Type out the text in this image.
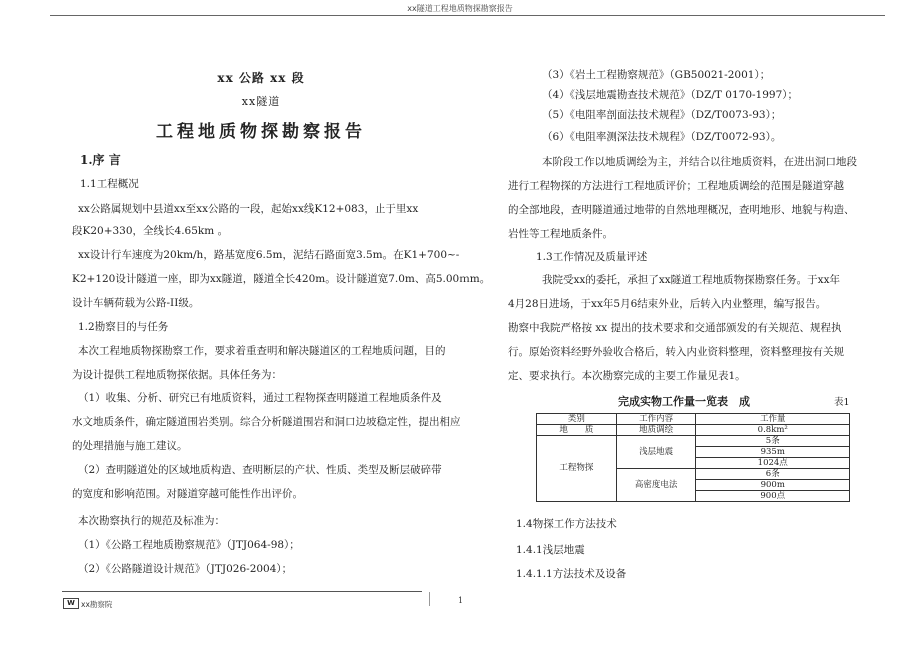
xx隧道工程地质物探勘察报告
xx 公路 xx 段
xx隧道
工程地质物探勘察报告
1.序 言
1.1工程概况
xx公路属规划中县道xx至xx公路的一段，起始xx线K12+083，止于里xx
段K20+330，全线长4.65km 。
xx设计行车速度为20km/h，路基宽度6.5m，泥结石路面宽3.5m。在K1+700~-
K2+120设计隧道一座，即为xx隧道，隧道全长420m。设计隧道宽7.0m、高5.00ｍm。
设计车辆荷载为公路-II级。
1.2勘察目的与任务
本次工程地质物探勘察工作，要求着重查明和解决隧道区的工程地质问题，目的
为设计提供工程地质物探依据。具体任务为：
（1）收集、分析、研究已有地质资料，通过工程物探查明隧道工程地质条件及
水文地质条件，确定隧道围岩类别。综合分析隧道围岩和洞口边坡稳定性，提出相应
的处理措施与施工建议。
（2）查明隧道处的区域地质构造、查明断层的产状、性质、类型及断层破碎带
的宽度和影响范围。对隧道穿越可能性作出评价。
本次勘察执行的规范及标准为：
（1）《公路工程地质勘察规范》（JTJ064-98）；
（2）《公路隧道设计规范》（JTJ026-2004）；
（3）《岩土工程勘察规范》（GB50021-2001）；
（4）《浅层地震勘查技术规范》（DZ/T 0170-1997）；
（5）《电阻率剖面法技术规程》（DZ/T0073-93）；
（6）《电阻率测深法技术规程》（DZ/T0072-93）。
本阶段工作以地质调绘为主，并结合以往地质资料，在进出洞口地段
进行工程物探的方法进行工程地质评价；工程地质调绘的范围是隧道穿越
的全部地段，查明隧道通过地带的自然地理概况，查明地形、地貌与构造、
岩性等工程地质条件。
1.3工作情况及质量评述
我院受xx的委托，承担了xx隧道工程地质物探勘察任务。于xx年
4月28日进场，于xx年5月6结束外业，后转入内业整理，编写报告。
勘察中我院严格按 xx 提出的技术要求和交通部颁发的有关规范、规程执
行。原始资料经野外验收合格后，转入内业资料整理，资料整理按有关规
定、要求执行。本次勘察完成的主要工作量见表1。
完成实物工作量一览表　成	表1
1.4物探工作方法技术
1.4.1浅层地震
1.4.1.1方法技术及设备
类别	工作内容	工作量
地　　质	地质调绘	0.8km²
工程物探	浅层地震	5条
		935m
		1024点
	高密度电法	6条
		900m
		900点
W xx勘察院	1
